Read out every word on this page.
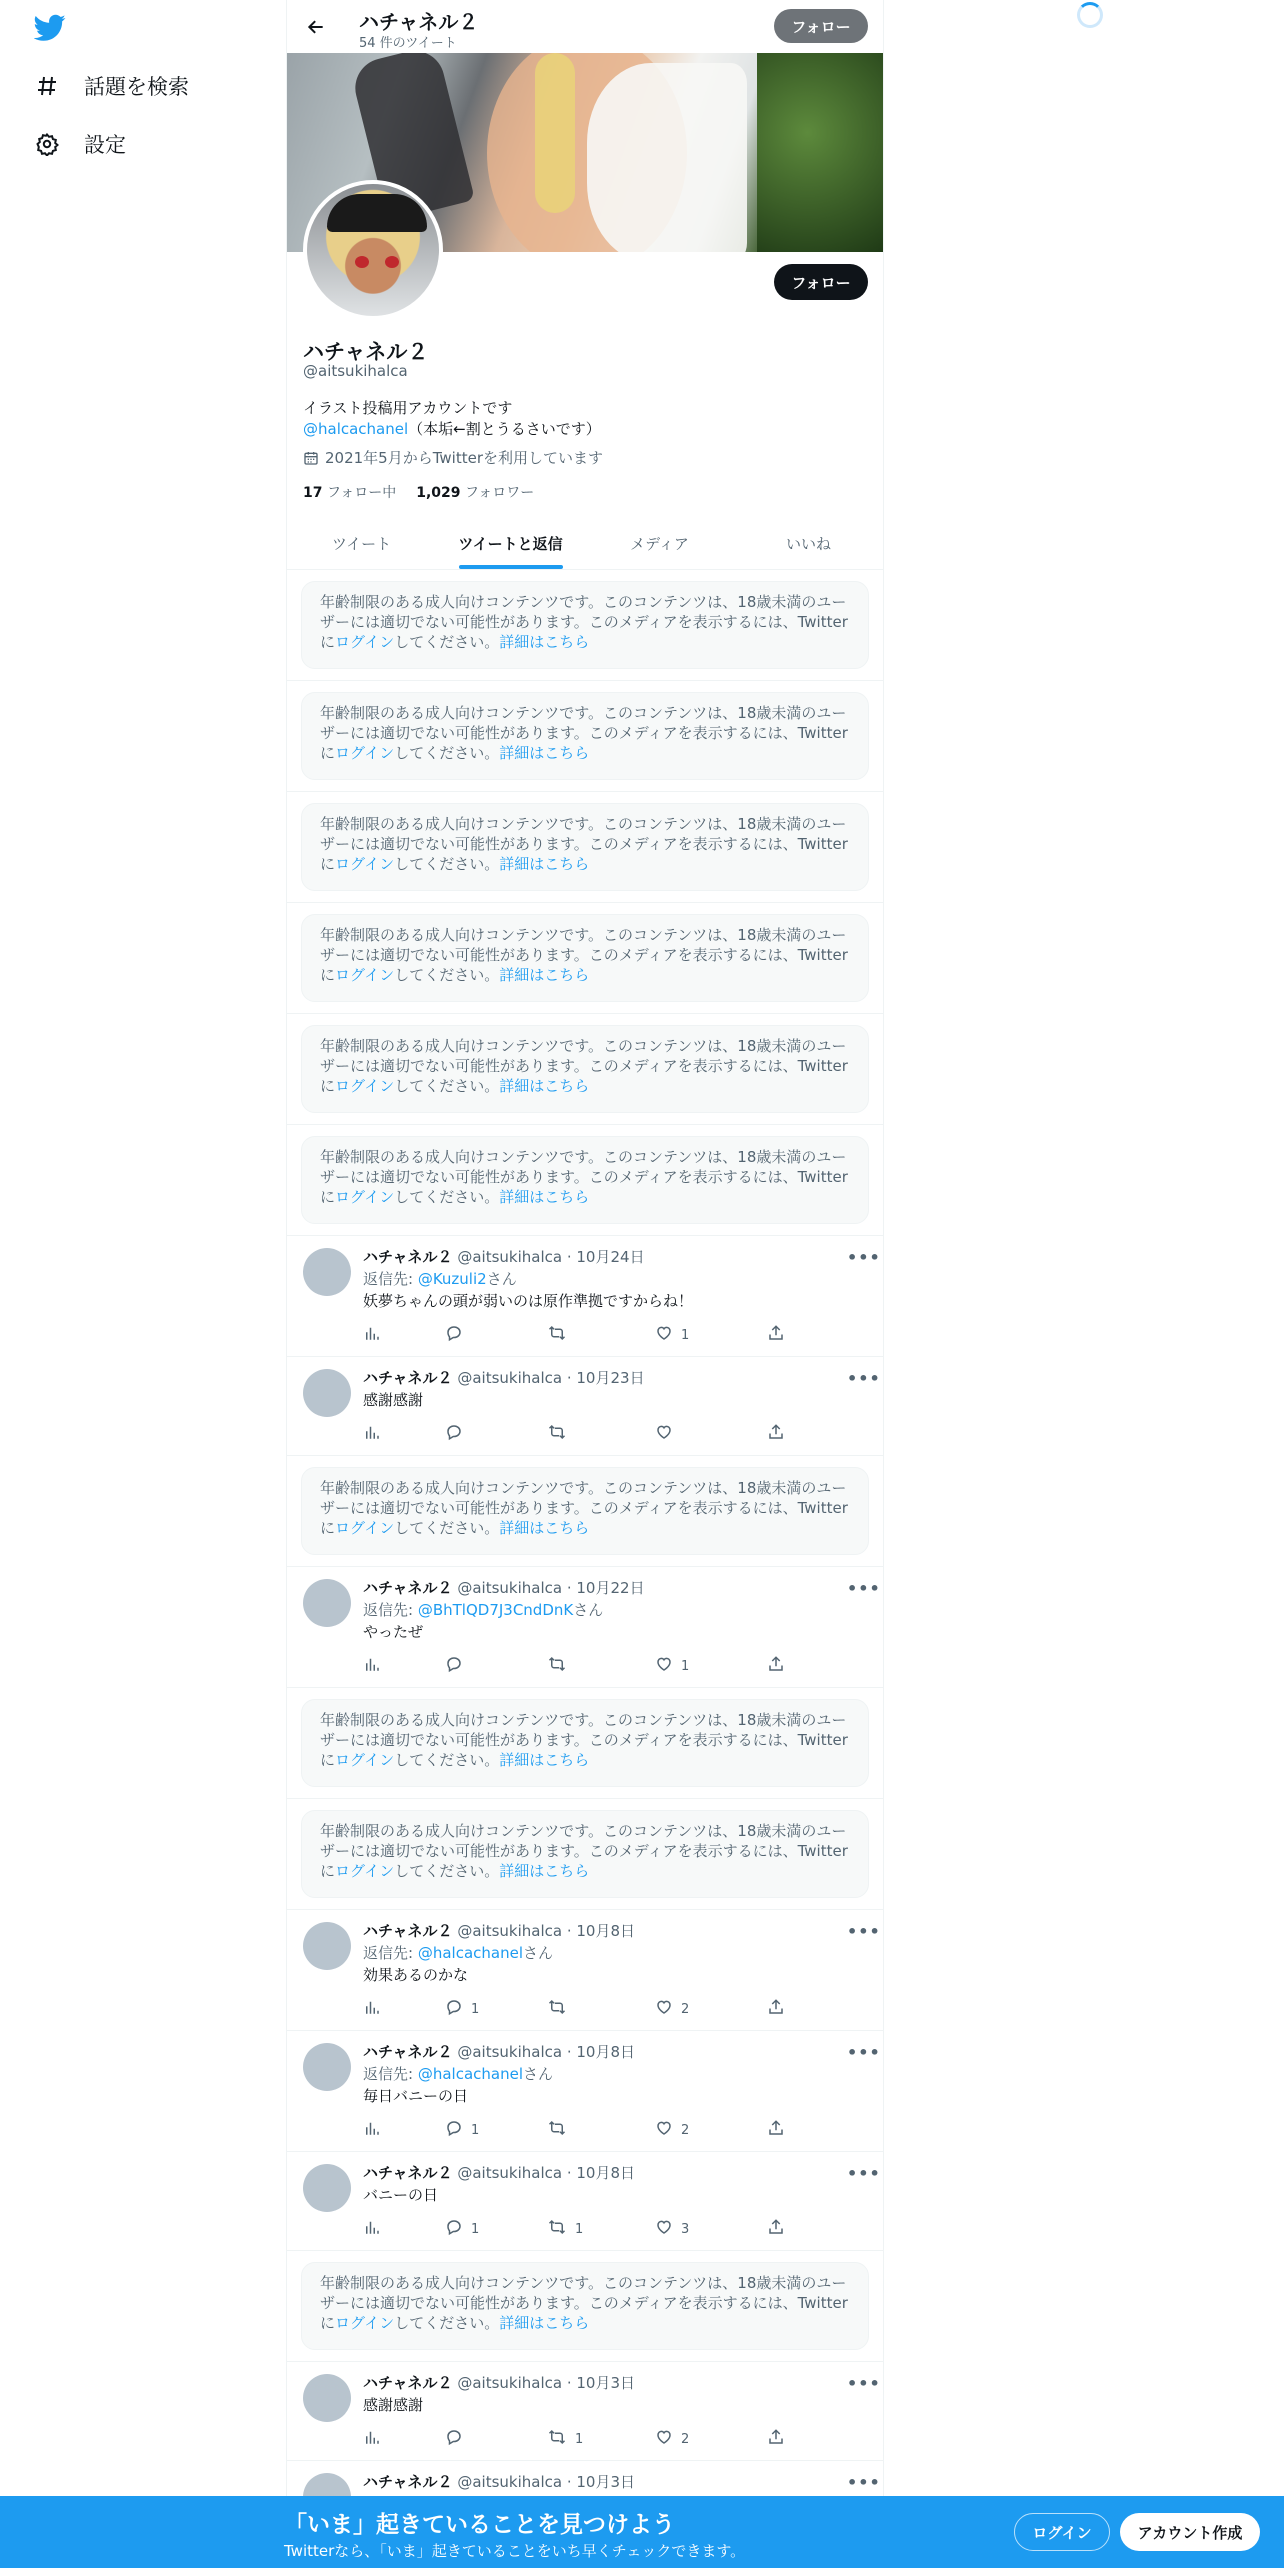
話題を検索
設定
ハチャネル２
54 件のツイート
フォロー
フォロー
ハチャネル２
@aitsukihalca
イラスト投稿用アカウントです
@halcachanel（本垢←割とうるさいです）
2021年5月からTwitterを利用しています
17 フォロー中 1,029 フォロワー
ツイート	ツイートと返信	メディア	いいね
年齢制限のある成人向けコンテンツです。このコンテンツは、18歳未満のユー
ザーには適切でない可能性があります。このメディアを表示するには、Twitter
にログインしてください。詳細はこちら
年齢制限のある成人向けコンテンツです。このコンテンツは、18歳未満のユー
ザーには適切でない可能性があります。このメディアを表示するには、Twitter
にログインしてください。詳細はこちら
年齢制限のある成人向けコンテンツです。このコンテンツは、18歳未満のユー
ザーには適切でない可能性があります。このメディアを表示するには、Twitter
にログインしてください。詳細はこちら
年齢制限のある成人向けコンテンツです。このコンテンツは、18歳未満のユー
ザーには適切でない可能性があります。このメディアを表示するには、Twitter
にログインしてください。詳細はこちら
年齢制限のある成人向けコンテンツです。このコンテンツは、18歳未満のユー
ザーには適切でない可能性があります。このメディアを表示するには、Twitter
にログインしてください。詳細はこちら
年齢制限のある成人向けコンテンツです。このコンテンツは、18歳未満のユー
ザーには適切でない可能性があります。このメディアを表示するには、Twitter
にログインしてください。詳細はこちら
ハチャネル２ @aitsukihalca · 10月24日	•••
返信先: @Kuzuli2さん
妖夢ちゃんの頭が弱いのは原作準拠ですからね！
1
ハチャネル２ @aitsukihalca · 10月23日	•••
感謝感謝
年齢制限のある成人向けコンテンツです。このコンテンツは、18歳未満のユー
ザーには適切でない可能性があります。このメディアを表示するには、Twitter
にログインしてください。詳細はこちら
ハチャネル２ @aitsukihalca · 10月22日	•••
返信先: @BhTlQD7J3CndDnKさん
やったぜ
1
年齢制限のある成人向けコンテンツです。このコンテンツは、18歳未満のユー
ザーには適切でない可能性があります。このメディアを表示するには、Twitter
にログインしてください。詳細はこちら
年齢制限のある成人向けコンテンツです。このコンテンツは、18歳未満のユー
ザーには適切でない可能性があります。このメディアを表示するには、Twitter
にログインしてください。詳細はこちら
ハチャネル２ @aitsukihalca · 10月8日	•••
返信先: @halcachanelさん
効果あるのかな
1	2
ハチャネル２ @aitsukihalca · 10月8日	•••
返信先: @halcachanelさん
毎日バニーの日
1	2
ハチャネル２ @aitsukihalca · 10月8日	•••
バニーの日
1	1	3
年齢制限のある成人向けコンテンツです。このコンテンツは、18歳未満のユー
ザーには適切でない可能性があります。このメディアを表示するには、Twitter
にログインしてください。詳細はこちら
ハチャネル２ @aitsukihalca · 10月3日	•••
感謝感謝
1	2
ハチャネル２ @aitsukihalca · 10月3日	•••
「いま」起きていることを見つけよう
Twitterなら、「いま」起きていることをいち早くチェックできます。
ログイン	アカウント作成
